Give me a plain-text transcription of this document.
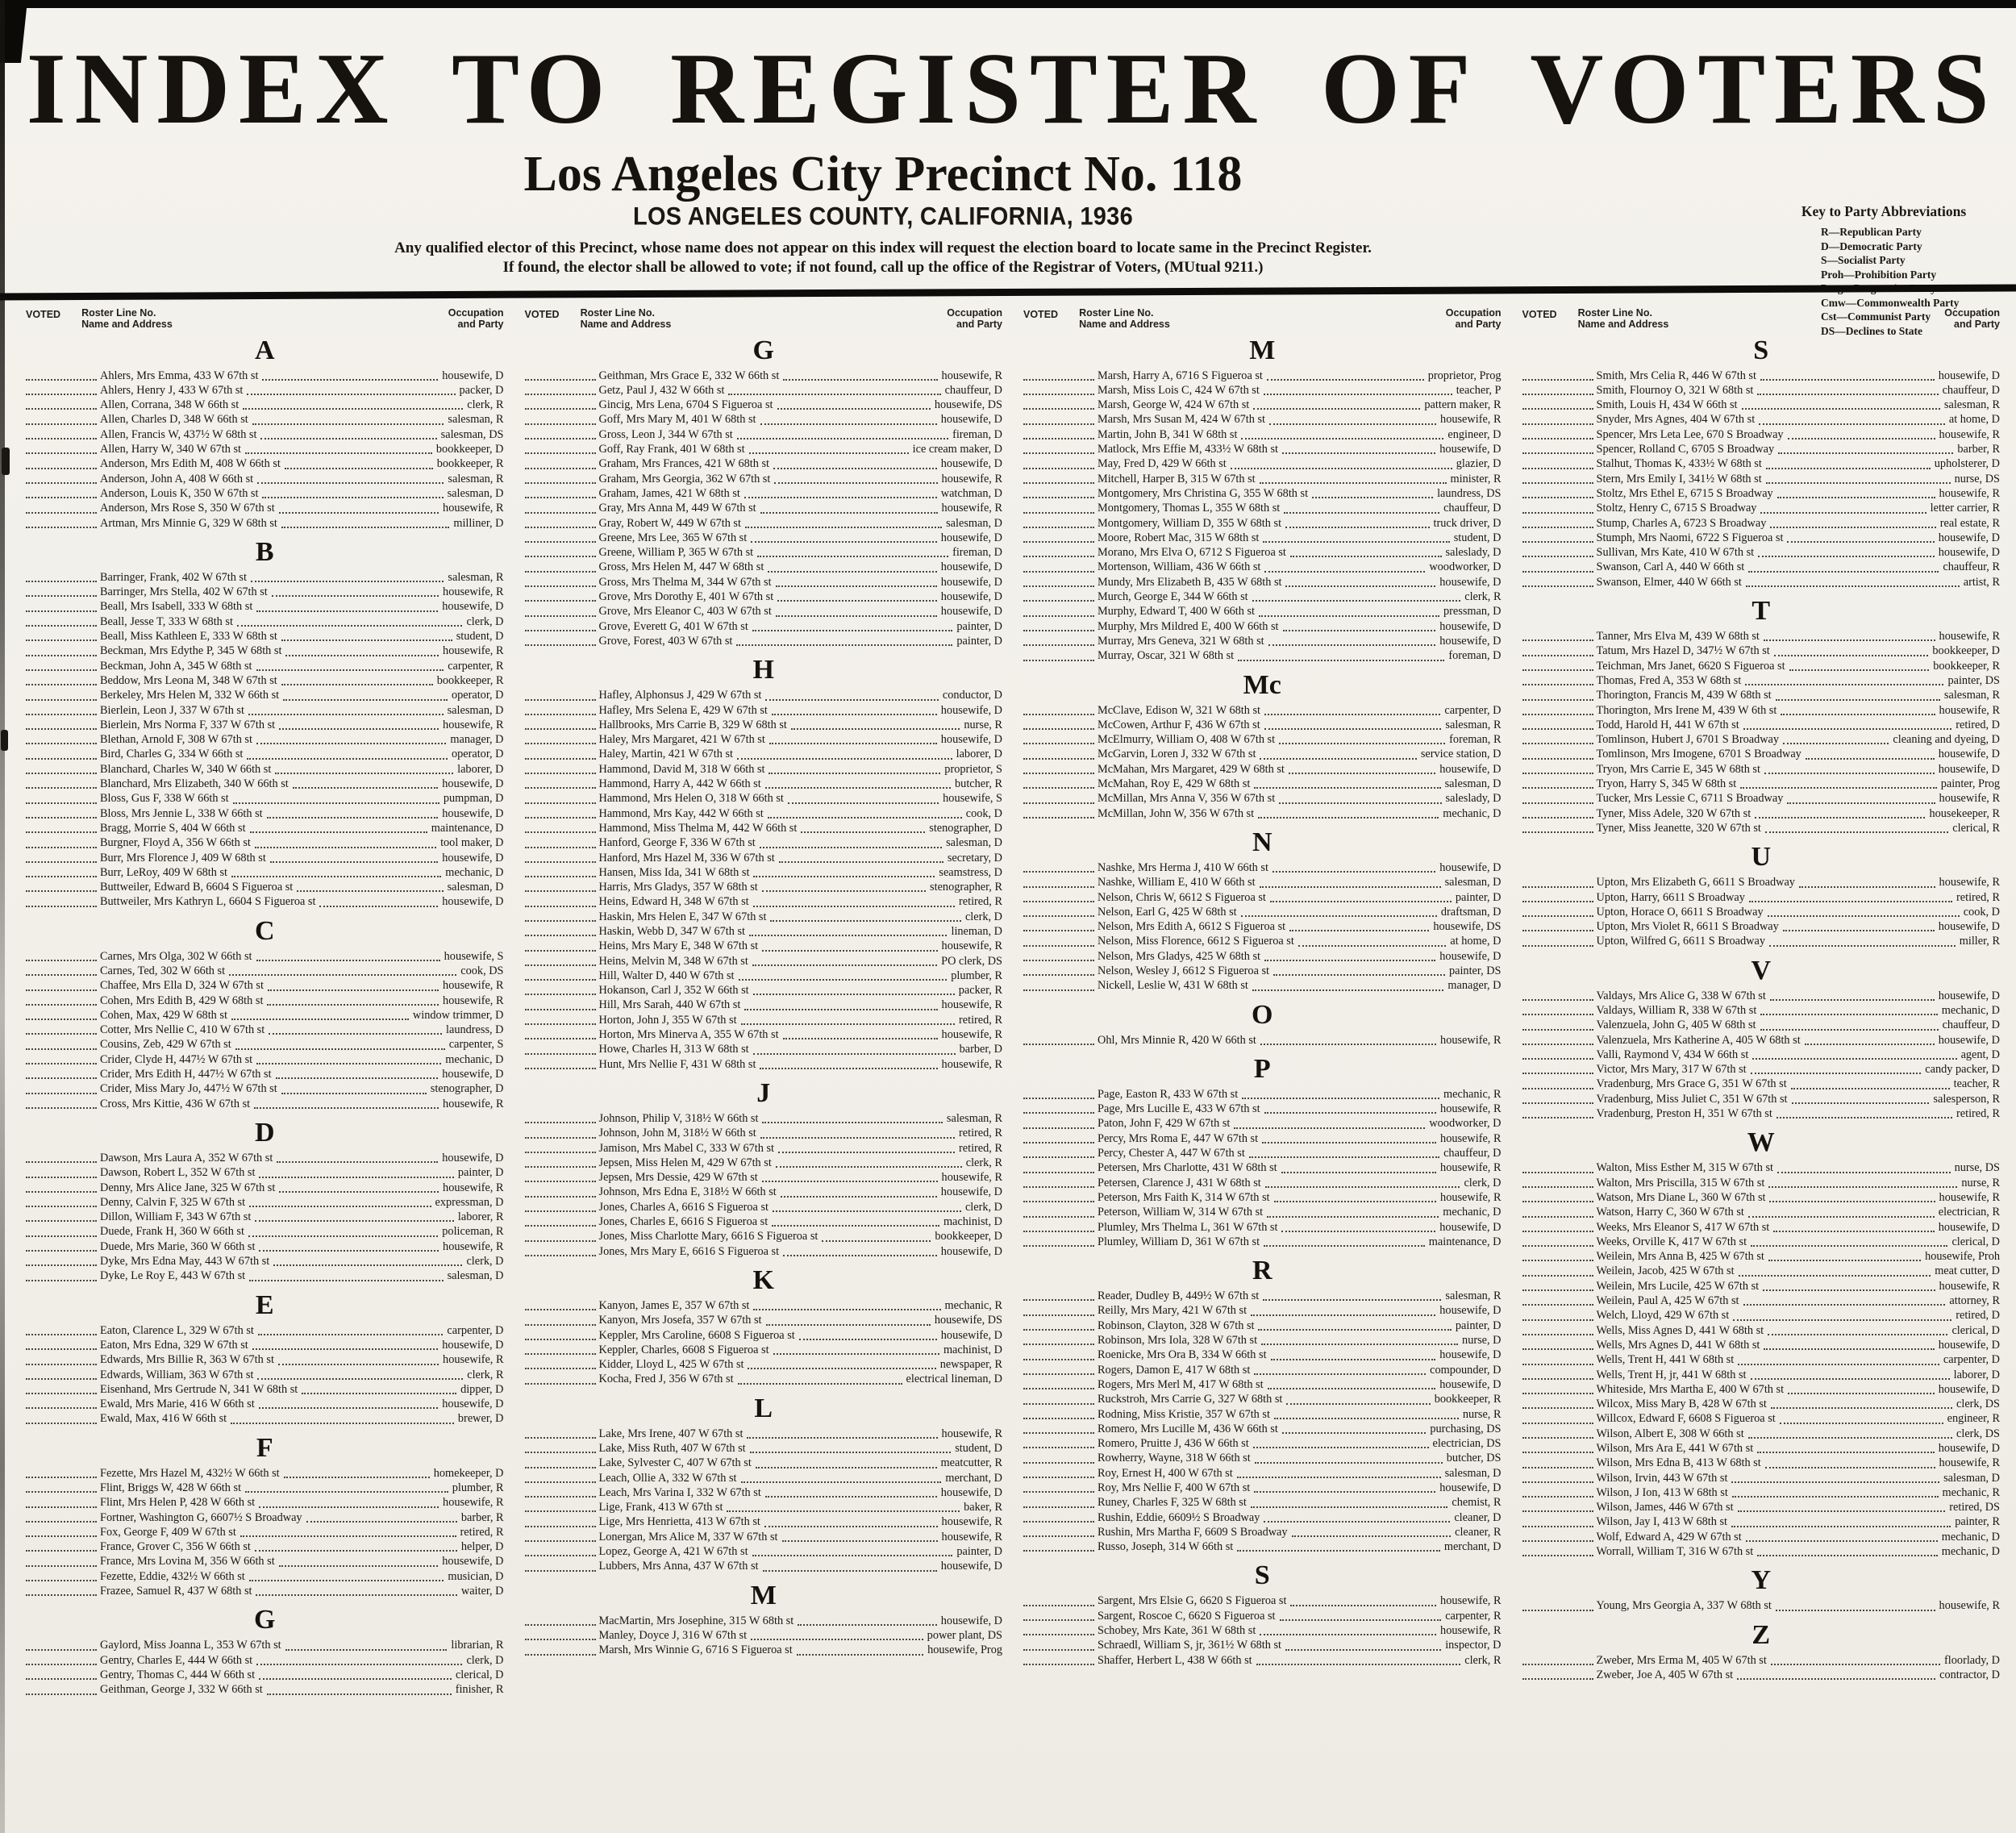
INDEX TO REGISTER OF VOTERS
Los Angeles City Precinct No. 118
LOS ANGELES COUNTY, CALIFORNIA, 1936

Any qualified elector of this Precinct, whose name does not appear on this index will request the election board to locate same in the Precinct Register.

If found, the elector shall be allowed to vote; if not found, call up the office of the Registrar of Voters, (MUtual 9211.)

Key to Party Abbreviations
R—Republican Party
D—Democratic Party
S—Socialist Party
Proh—Prohibition Party
Cmw—Commonwealth Party
Cst—Communist Party
DS—Declines to State
VOTED Roster Line No.
Name and Address
Occupation
and Party
A
Ahlers, Mrs Emma, 433 W 67th st	housewife, D
Ahlers, Henry J, 433 W 67th st	packer, D
Allen, Corrana, 348 W 66th st	clerk, R
Allen, Charles D, 348 W 66th st	salesman, R
Allen, Francis W, 437½ W 68th st	salesman, DS
Allen, Harry W, 340 W 67th st	bookkeeper, D
Anderson, Mrs Edith M, 408 W 66th st	bookkeeper, R
Anderson, John A, 408 W 66th st	salesman, R
Anderson, Louis K, 350 W 67th st	salesman, D
Anderson, Mrs Rose S, 350 W 67th st	housewife, R
Artman, Mrs Minnie G, 329 W 68th st	milliner, D
B
Barringer, Frank, 402 W 67th st	salesman, R
Barringer, Mrs Stella, 402 W 67th st	housewife, R
Beall, Mrs Isabell, 333 W 68th st	housewife, D
Beall, Jesse T, 333 W 68th st	clerk, D
Beall, Miss Kathleen E, 333 W 68th st	student, D
Beckman, Mrs Edythe P, 345 W 68th st	housewife, R
Beckman, John A, 345 W 68th st	carpenter, R
Beddow, Mrs Leona M, 348 W 67th st	bookkeeper, R
Berkeley, Mrs Helen M, 332 W 66th st	operator, D
Bierlein, Leon J, 337 W 67th st	salesman, D
Bierlein, Mrs Norma F, 337 W 67th st	housewife, R
Blethan, Arnold F, 308 W 67th st	manager, D
Bird, Charles G, 334 W 66th st	operator, D
Blanchard, Charles W, 340 W 66th st	laborer, D
Blanchard, Mrs Elizabeth, 340 W 66th st	housewife, D
Bloss, Gus F, 338 W 66th st	pumpman, D
Bloss, Mrs Jennie L, 338 W 66th st	housewife, D
Bragg, Morrie S, 404 W 66th st	maintenance, D
Burgner, Floyd A, 356 W 66th st	tool maker, D
Burr, Mrs Florence J, 409 W 68th st	housewife, D
Burr, LeRoy, 409 W 68th st	mechanic, D
Buttweiler, Edward B, 6604 S Figueroa st	salesman, D
Buttweiler, Mrs Kathryn L, 6604 S Figueroa st	housewife, D
C
Carnes, Mrs Olga, 302 W 66th st	housewife, S
Carnes, Ted, 302 W 66th st	cook, DS
Chaffee, Mrs Ella D, 324 W 67th st	housewife, R
Cohen, Mrs Edith B, 429 W 68th st	housewife, R
Cohen, Max, 429 W 68th st	window trimmer, D
Cotter, Mrs Nellie C, 410 W 67th st	laundress, D
Cousins, Zeb, 429 W 67th st	carpenter, S
Crider, Clyde H, 447½ W 67th st	mechanic, D
Crider, Mrs Edith H, 447½ W 67th st	housewife, D
Crider, Miss Mary Jo, 447½ W 67th st	stenographer, D
Cross, Mrs Kittie, 436 W 67th st	housewife, R
D
Dawson, Mrs Laura A, 352 W 67th st	housewife, D
Dawson, Robert L, 352 W 67th st	painter, D
Denny, Mrs Alice Jane, 325 W 67th st	housewife, R
Denny, Calvin F, 325 W 67th st	expressman, D
Dillon, William F, 343 W 67th st	laborer, R
Duede, Frank H, 360 W 66th st	policeman, R
Duede, Mrs Marie, 360 W 66th st	housewife, R
Dyke, Mrs Edna May, 443 W 67th st	clerk, D
Dyke, Le Roy E, 443 W 67th st	salesman, D
E
Eaton, Clarence L, 329 W 67th st	carpenter, D
Eaton, Mrs Edna, 329 W 67th st	housewife, D
Edwards, Mrs Billie R, 363 W 67th st	housewife, R
Edwards, William, 363 W 67th st	clerk, R
Eisenhand, Mrs Gertrude N, 341 W 68th st	dipper, D
Ewald, Mrs Marie, 416 W 66th st	housewife, D
Ewald, Max, 416 W 66th st	brewer, D
F
Fezette, Mrs Hazel M, 432½ W 66th st	homekeeper, D
Flint, Briggs W, 428 W 66th st	plumber, R
Flint, Mrs Helen P, 428 W 66th st	housewife, R
Fortner, Washington G, 6607½ S Broadway	barber, R
Fox, George F, 409 W 67th st	retired, R
France, Grover C, 356 W 66th st	helper, D
France, Mrs Lovina M, 356 W 66th st	housewife, D
Fezette, Eddie, 432½ W 66th st	musician, D
Frazee, Samuel R, 437 W 68th st	waiter, D
G
Gaylord, Miss Joanna L, 353 W 67th st	librarian, R
Gentry, Charles E, 444 W 66th st	clerk, D
Gentry, Thomas C, 444 W 66th st	clerical, D
Geithman, George J, 332 W 66th st	finisher, R
VOTED Roster Line No.
Name and Address
Occupation
and Party
G
Geithman, Mrs Grace E, 332 W 66th st	housewife, R
Getz, Paul J, 432 W 66th st	chauffeur, D
Gincig, Mrs Lena, 6704 S Figueroa st	housewife, DS
Goff, Mrs Mary M, 401 W 68th st	housewife, D
Gross, Leon J, 344 W 67th st	fireman, D
Goff, Ray Frank, 401 W 68th st	ice cream maker, D
Graham, Mrs Frances, 421 W 68th st	housewife, D
Graham, Mrs Georgia, 362 W 67th st	housewife, R
Graham, James, 421 W 68th st	watchman, D
Gray, Mrs Anna M, 449 W 67th st	housewife, R
Gray, Robert W, 449 W 67th st	salesman, D
Greene, Mrs Lee, 365 W 67th st	housewife, D
Greene, William P, 365 W 67th st	fireman, D
Gross, Mrs Helen M, 447 W 68th st	housewife, D
Gross, Mrs Thelma M, 344 W 67th st	housewife, D
Grove, Mrs Dorothy E, 401 W 67th st	housewife, D
Grove, Mrs Eleanor C, 403 W 67th st	housewife, D
Grove, Everett G, 401 W 67th st	painter, D
Grove, Forest, 403 W 67th st	painter, D
H
Hafley, Alphonsus J, 429 W 67th st	conductor, D
Hafley, Mrs Selena E, 429 W 67th st	housewife, D
Hallbrooks, Mrs Carrie B, 329 W 68th st	nurse, R
Haley, Mrs Margaret, 421 W 67th st	housewife, D
Haley, Martin, 421 W 67th st	laborer, D
Hammond, David M, 318 W 66th st	proprietor, S
Hammond, Harry A, 442 W 66th st	butcher, R
Hammond, Mrs Helen O, 318 W 66th st	housewife, S
Hammond, Mrs Kay, 442 W 66th st	cook, D
Hammond, Miss Thelma M, 442 W 66th st	stenographer, D
Hanford, George F, 336 W 67th st	salesman, D
Hanford, Mrs Hazel M, 336 W 67th st	secretary, D
Hansen, Miss Ida, 341 W 68th st	seamstress, D
Harris, Mrs Gladys, 357 W 68th st	stenographer, R
Heins, Edward H, 348 W 67th st	retired, R
Haskin, Mrs Helen E, 347 W 67th st	clerk, D
Haskin, Webb D, 347 W 67th st	lineman, D
Heins, Mrs Mary E, 348 W 67th st	housewife, R
Heins, Melvin M, 348 W 67th st	PO clerk, DS
Hill, Walter D, 440 W 67th st	plumber, R
Hokanson, Carl J, 352 W 66th st	packer, R
Hill, Mrs Sarah, 440 W 67th st	housewife, R
Horton, John J, 355 W 67th st	retired, R
Horton, Mrs Minerva A, 355 W 67th st	housewife, R
Howe, Charles H, 313 W 68th st	barber, D
Hunt, Mrs Nellie F, 431 W 68th st	housewife, R
J
Johnson, Philip V, 318½ W 66th st	salesman, R
Johnson, John M, 318½ W 66th st	retired, R
Jamison, Mrs Mabel C, 333 W 67th st	retired, R
Jepsen, Miss Helen M, 429 W 67th st	clerk, R
Jepsen, Mrs Dessie, 429 W 67th st	housewife, R
Johnson, Mrs Edna E, 318½ W 66th st	housewife, D
Jones, Charles A, 6616 S Figueroa st	clerk, D
Jones, Charles E, 6616 S Figueroa st	machinist, D
Jones, Miss Charlotte Mary, 6616 S Figueroa st	bookkeeper, D
Jones, Mrs Mary E, 6616 S Figueroa st	housewife, D
K
Kanyon, James E, 357 W 67th st	mechanic, R
Kanyon, Mrs Josefa, 357 W 67th st	housewife, DS
Keppler, Mrs Caroline, 6608 S Figueroa st	housewife, D
Keppler, Charles, 6608 S Figueroa st	machinist, D
Kidder, Lloyd L, 425 W 67th st	newspaper, R
Kocha, Fred J, 356 W 67th st	electrical lineman, D
L
Lake, Mrs Irene, 407 W 67th st	housewife, R
Lake, Miss Ruth, 407 W 67th st	student, D
Lake, Sylvester C, 407 W 67th st	meatcutter, R
Leach, Ollie A, 332 W 67th st	merchant, D
Leach, Mrs Varina I, 332 W 67th st	housewife, D
Lige, Frank, 413 W 67th st	baker, R
Lige, Mrs Henrietta, 413 W 67th st	housewife, R
Lonergan, Mrs Alice M, 337 W 67th st	housewife, R
Lopez, George A, 421 W 67th st	painter, D
Lubbers, Mrs Anna, 437 W 67th st	housewife, D
M
MacMartin, Mrs Josephine, 315 W 68th st	housewife, D
Manley, Doyce J, 316 W 67th st	power plant, DS
Marsh, Mrs Winnie G, 6716 S Figueroa st	housewife, Prog
VOTED Roster Line No.
Name and Address
Occupation
and Party
M
Marsh, Harry A, 6716 S Figueroa st	proprietor, Prog
Marsh, Miss Lois C, 424 W 67th st	teacher, P
Marsh, George W, 424 W 67th st	pattern maker, R
Marsh, Mrs Susan M, 424 W 67th st	housewife, R
Martin, John B, 341 W 68th st	engineer, D
Matlock, Mrs Effie M, 433½ W 68th st	housewife, D
May, Fred D, 429 W 66th st	glazier, D
Mitchell, Harper B, 315 W 67th st	minister, R
Montgomery, Mrs Christina G, 355 W 68th st	laundress, DS
Montgomery, Thomas L, 355 W 68th st	chauffeur, D
Montgomery, William D, 355 W 68th st	truck driver, D
Moore, Robert Mac, 315 W 68th st	student, D
Morano, Mrs Elva O, 6712 S Figueroa st	saleslady, D
Mortenson, William, 436 W 66th st	woodworker, D
Mundy, Mrs Elizabeth B, 435 W 68th st	housewife, D
Murch, George E, 344 W 66th st	clerk, R
Murphy, Edward T, 400 W 66th st	pressman, D
Murphy, Mrs Mildred E, 400 W 66th st	housewife, D
Murray, Mrs Geneva, 321 W 68th st	housewife, D
Murray, Oscar, 321 W 68th st	foreman, D
Mc
McClave, Edison W, 321 W 68th st	carpenter, D
McCowen, Arthur F, 436 W 67th st	salesman, R
McElmurry, William O, 408 W 67th st	foreman, R
McGarvin, Loren J, 332 W 67th st	service station, D
McMahan, Mrs Margaret, 429 W 68th st	housewife, D
McMahan, Roy E, 429 W 68th st	salesman, D
McMillan, Mrs Anna V, 356 W 67th st	saleslady, D
McMillan, John W, 356 W 67th st	mechanic, D
N
Nashke, Mrs Herma J, 410 W 66th st	housewife, D
Nashke, William E, 410 W 66th st	salesman, D
Nelson, Chris W, 6612 S Figueroa st	painter, D
Nelson, Earl G, 425 W 68th st	draftsman, D
Nelson, Mrs Edith A, 6612 S Figueroa st	housewife, DS
Nelson, Miss Florence, 6612 S Figueroa st	at home, D
Nelson, Mrs Gladys, 425 W 68th st	housewife, D
Nelson, Wesley J, 6612 S Figueroa st	painter, DS
Nickell, Leslie W, 431 W 68th st	manager, D
O
Ohl, Mrs Minnie R, 420 W 66th st	housewife, R
P
Page, Easton R, 433 W 67th st	mechanic, R
Page, Mrs Lucille E, 433 W 67th st	housewife, R
Paton, John F, 429 W 67th st	woodworker, D
Percy, Mrs Roma E, 447 W 67th st	housewife, R
Percy, Chester A, 447 W 67th st	chauffeur, D
Petersen, Mrs Charlotte, 431 W 68th st	housewife, R
Petersen, Clarence J, 431 W 68th st	clerk, D
Peterson, Mrs Faith K, 314 W 67th st	housewife, R
Peterson, William W, 314 W 67th st	mechanic, D
Plumley, Mrs Thelma L, 361 W 67th st	housewife, D
Plumley, William D, 361 W 67th st	maintenance, D
R
Reader, Dudley B, 449½ W 67th st	salesman, R
Reilly, Mrs Mary, 421 W 67th st	housewife, D
Robinson, Clayton, 328 W 67th st	painter, D
Robinson, Mrs Iola, 328 W 67th st	nurse, D
Roenicke, Mrs Ora B, 334 W 66th st	housewife, D
Rogers, Damon E, 417 W 68th st	compounder, D
Rogers, Mrs Merl M, 417 W 68th st	housewife, D
Ruckstroh, Mrs Carrie G, 327 W 68th st	bookkeeper, R
Rodning, Miss Kristie, 357 W 67th st	nurse, R
Romero, Mrs Lucille M, 436 W 66th st	purchasing, DS
Romero, Pruitte J, 436 W 66th st	electrician, DS
Rowherry, Wayne, 318 W 66th st	butcher, DS
Roy, Ernest H, 400 W 67th st	salesman, D
Roy, Mrs Nellie F, 400 W 67th st	housewife, D
Runey, Charles F, 325 W 68th st	chemist, R
Rushin, Eddie, 6609½ S Broadway	cleaner, D
Rushin, Mrs Martha F, 6609 S Broadway	cleaner, R
Russo, Joseph, 314 W 66th st	merchant, D
S
Sargent, Mrs Elsie G, 6620 S Figueroa st	housewife, R
Sargent, Roscoe C, 6620 S Figueroa st	carpenter, R
Schobey, Mrs Kate, 361 W 68th st	housewife, R
Schraedl, William S, jr, 361½ W 68th st	inspector, D
Shaffer, Herbert L, 438 W 66th st	clerk, R
VOTED Roster Line No.
Name and Address
Occupation
and Party
S
Smith, Mrs Celia R, 446 W 67th st	housewife, D
Smith, Flournoy O, 321 W 68th st	chauffeur, D
Smith, Louis H, 434 W 66th st	salesman, R
Snyder, Mrs Agnes, 404 W 67th st	at home, D
Spencer, Mrs Leta Lee, 670 S Broadway	housewife, R
Spencer, Rolland C, 6705 S Broadway	barber, R
Stalhut, Thomas K, 433½ W 68th st	upholsterer, D
Stern, Mrs Emily I, 341½ W 68th st	nurse, DS
Stoltz, Mrs Ethel E, 6715 S Broadway	housewife, R
Stoltz, Henry C, 6715 S Broadway	letter carrier, R
Stump, Charles A, 6723 S Broadway	real estate, R
Stumph, Mrs Naomi, 6722 S Figueroa st	housewife, D
Sullivan, Mrs Kate, 410 W 67th st	housewife, D
Swanson, Carl A, 440 W 66th st	chauffeur, R
Swanson, Elmer, 440 W 66th st	artist, R
T
Tanner, Mrs Elva M, 439 W 68th st	housewife, R
Tatum, Mrs Hazel D, 347½ W 67th st	bookkeeper, D
Teichman, Mrs Janet, 6620 S Figueroa st	bookkeeper, R
Thomas, Fred A, 353 W 68th st	painter, DS
Thorington, Francis M, 439 W 68th st	salesman, R
Thorington, Mrs Irene M, 439 W 6th st	housewife, R
Todd, Harold H, 441 W 67th st	retired, D
Tomlinson, Hubert J, 6701 S Broadway	cleaning and dyeing, D
Tomlinson, Mrs Imogene, 6701 S Broadway	housewife, D
Tryon, Mrs Carrie E, 345 W 68th st	housewife, D
Tryon, Harry S, 345 W 68th st	painter, Prog
Tucker, Mrs Lessie C, 6711 S Broadway	housewife, R
Tyner, Miss Adele, 320 W 67th st	housekeeper, R
Tyner, Miss Jeanette, 320 W 67th st	clerical, R
U
Upton, Mrs Elizabeth G, 6611 S Broadway	housewife, R
Upton, Harry, 6611 S Broadway	retired, R
Upton, Horace O, 6611 S Broadway	cook, D
Upton, Mrs Violet R, 6611 S Broadway	housewife, D
Upton, Wilfred G, 6611 S Broadway	miller, R
V
Valdays, Mrs Alice G, 338 W 67th st	housewife, D
Valdays, William R, 338 W 67th st	mechanic, D
Valenzuela, John G, 405 W 68th st	chauffeur, D
Valenzuela, Mrs Katherine A, 405 W 68th st	housewife, D
Valli, Raymond V, 434 W 66th st	agent, D
Victor, Mrs Mary, 317 W 67th st	candy packer, D
Vradenburg, Mrs Grace G, 351 W 67th st	teacher, R
Vradenburg, Miss Juliet C, 351 W 67th st	salesperson, R
Vradenburg, Preston H, 351 W 67th st	retired, R
W
Walton, Miss Esther M, 315 W 67th st	nurse, DS
Walton, Mrs Priscilla, 315 W 67th st	nurse, R
Watson, Mrs Diane L, 360 W 67th st	housewife, R
Watson, Harry C, 360 W 67th st	electrician, R
Weeks, Mrs Eleanor S, 417 W 67th st	housewife, D
Weeks, Orville K, 417 W 67th st	clerical, D
Weilein, Mrs Anna B, 425 W 67th st	housewife, Proh
Weilein, Jacob, 425 W 67th st	meat cutter, D
Weilein, Mrs Lucile, 425 W 67th st	housewife, R
Weilein, Paul A, 425 W 67th st	attorney, R
Welch, Lloyd, 429 W 67th st	retired, D
Wells, Miss Agnes D, 441 W 68th st	clerical, D
Wells, Mrs Agnes D, 441 W 68th st	housewife, D
Wells, Trent H, 441 W 68th st	carpenter, D
Wells, Trent H, jr, 441 W 68th st	laborer, D
Whiteside, Mrs Martha E, 400 W 67th st	housewife, D
Wilcox, Miss Mary B, 428 W 67th st	clerk, DS
Willcox, Edward F, 6608 S Figueroa st	engineer, R
Wilson, Albert E, 308 W 66th st	clerk, DS
Wilson, Mrs Ara E, 441 W 67th st	housewife, D
Wilson, Mrs Edna B, 413 W 68th st	housewife, R
Wilson, Irvin, 443 W 67th st	salesman, D
Wilson, J Ion, 413 W 68th st	mechanic, R
Wilson, James, 446 W 67th st	retired, DS
Wilson, Jay I, 413 W 68th st	painter, R
Wolf, Edward A, 429 W 67th st	mechanic, D
Worrall, William T, 316 W 67th st	mechanic, D
Y
Young, Mrs Georgia A, 337 W 68th st	housewife, R
Z
Zweber, Mrs Erma M, 405 W 67th st	floorlady, D
Zweber, Joe A, 405 W 67th st	contractor, D
